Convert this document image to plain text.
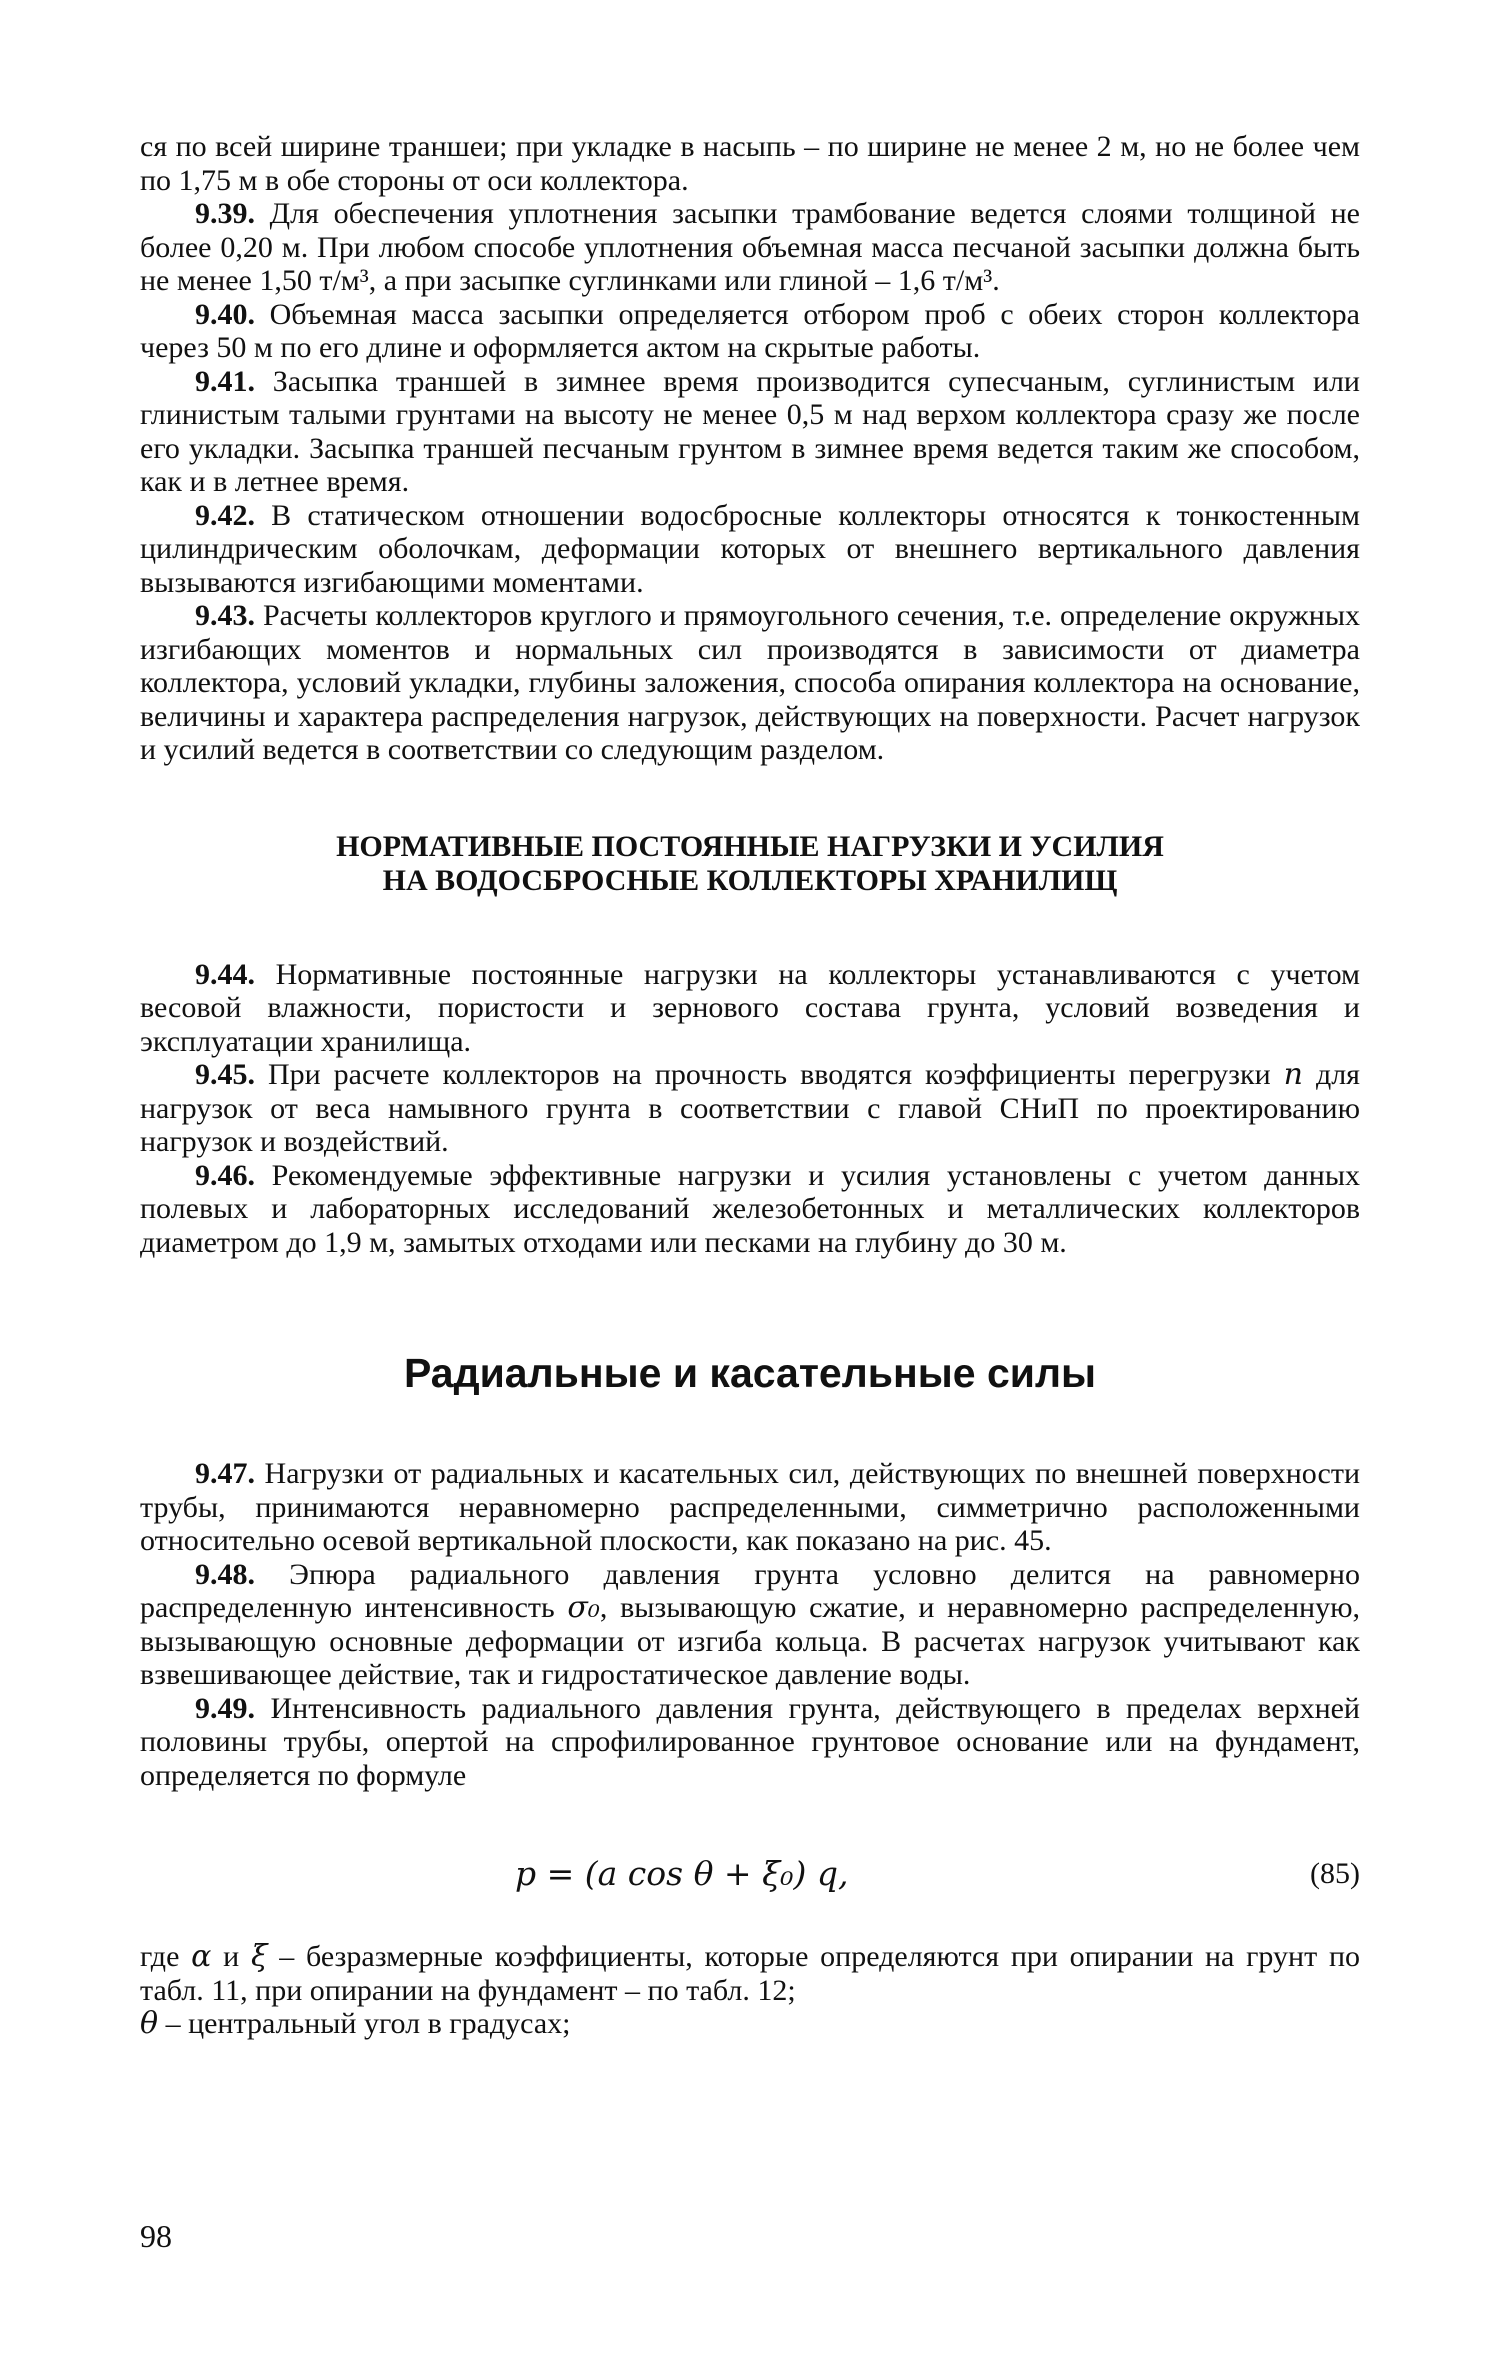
ся по всей ширине траншеи; при укладке в насыпь – по ширине не менее 2 м, но не более чем по 1,75 м в обе стороны от оси коллектора.

9.39. Для обеспечения уплотнения засыпки трамбование ведется слоями толщиной не более 0,20 м. При любом способе уплотнения объемная масса песчаной засыпки должна быть не менее 1,50 т/м³, а при засыпке суглинками или глиной – 1,6 т/м³.

9.40. Объемная масса засыпки определяется отбором проб с обеих сторон коллектора через 50 м по его длине и оформляется актом на скрытые работы.

9.41. Засыпка траншей в зимнее время производится супесчаным, суглинистым или глинистым талыми грунтами на высоту не менее 0,5 м над верхом коллектора сразу же после его укладки. Засыпка траншей песчаным грунтом в зимнее время ведется таким же способом, как и в летнее время.

9.42. В статическом отношении водосбросные коллекторы относятся к тонкостенным цилиндрическим оболочкам, деформации которых от внешнего вертикального давления вызываются изгибающими моментами.

9.43. Расчеты коллекторов круглого и прямоугольного сечения, т.е. определение окружных изгибающих моментов и нормальных сил производятся в зависимости от диаметра коллектора, условий укладки, глубины заложения, способа опирания коллектора на основание, величины и характера распределения нагрузок, действующих на поверхности. Расчет нагрузок и усилий ведется в соответствии со следующим разделом.

НОРМАТИВНЫЕ ПОСТОЯННЫЕ НАГРУЗКИ И УСИЛИЯ
НА ВОДОСБРОСНЫЕ КОЛЛЕКТОРЫ ХРАНИЛИЩ

9.44. Нормативные постоянные нагрузки на коллекторы устанавливаются с учетом весовой влажности, пористости и зернового состава грунта, условий возведения и эксплуатации хранилища.

9.45. При расчете коллекторов на прочность вводятся коэффициенты перегрузки n для нагрузок от веса намывного грунта в соответствии с главой СНиП по проектированию нагрузок и воздействий.

9.46. Рекомендуемые эффективные нагрузки и усилия установлены с учетом данных полевых и лабораторных исследований железобетонных и металлических коллекторов диаметром до 1,9 м, замытых отходами или песками на глубину до 30 м.

Радиальные и касательные силы

9.47. Нагрузки от радиальных и касательных сил, действующих по внешней поверхности трубы, принимаются неравномерно распределенными, симметрично расположенными относительно осевой вертикальной плоскости, как показано на рис. 45.

9.48. Эпюра радиального давления грунта условно делится на равномерно распределенную интенсивность σ₀, вызывающую сжатие, и неравномерно распределенную, вызывающую основные деформации от изгиба кольца. В расчетах нагрузок учитывают как взвешивающее действие, так и гидростатическое давление воды.

9.49. Интенсивность радиального давления грунта, действующего в пределах верхней половины трубы, опертой на спрофилированное грунтовое основание или на фундамент, определяется по формуле

p = (a cos θ + ξ₀) q,	(85)

где α и ξ – безразмерные коэффициенты, которые определяются при опирании на грунт по табл. 11, при опирании на фундамент – по табл. 12;
θ – центральный угол в градусах;

98
